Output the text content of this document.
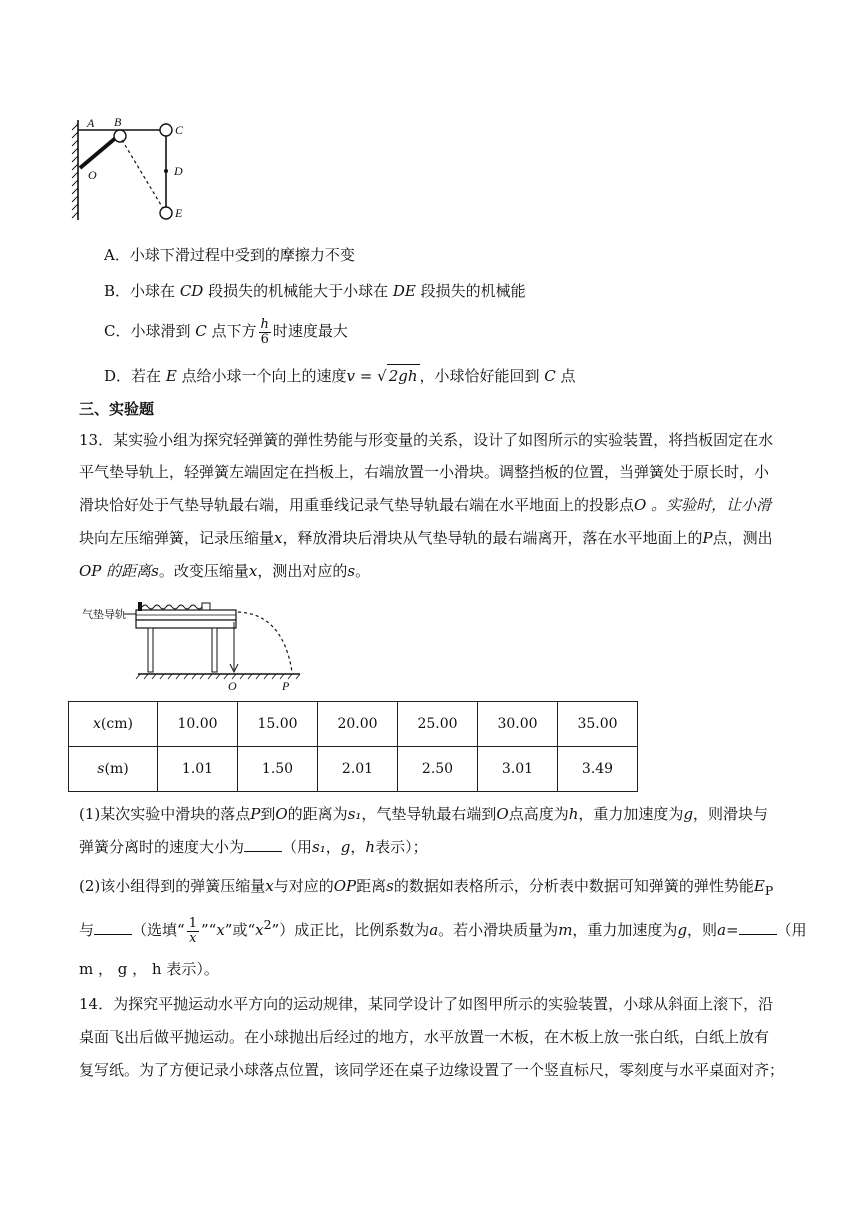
A B
C
D
E
O
A．小球下滑过程中受到的摩擦力不变
B．小球在 CD 段损失的机械能大于小球在 DE 段损失的机械能
C．小球滑到 C 点下方 $\frac{h}{6}$ 时速度最大
D．若在 E 点给小球一个向上的速度v = √ 2gh ，小球恰好能回到 C 点
三、实验题
13．某实验小组为探究轻弹簧的弹性势能与形变量的关系，设计了如图所示的实验装置，将挡板固定在水
平气垫导轨上，轻弹簧左端固定在挡板上，右端放置一小滑块。调整挡板的位置，当弹簧处于原长时，小
滑块恰好处于气垫导轨最右端，用重垂线记录气垫导轨最右端在水平地面上的投影点O 。实验时，让小滑
块向左压缩弹簧，记录压缩量x，释放滑块后滑块从气垫导轨的最右端离开，落在水平地面上的P点，测出
OP 的距离s。改变压缩量x，测出对应的s。
气垫导轨
O	P
x(cm)	10.00	15.00	20.00	25.00	30.00	35.00
s(m)	1.01	1.50	2.01	2.50	3.01	3.49
(1)某次实验中滑块的落点P到O的距离为s₁，气垫导轨最右端到O点高度为h，重力加速度为g，则滑块与
弹簧分离时的速度大小为	（用s₁，g，h表示）；
(2)该小组得到的弹簧压缩量x与对应的OP距离s的数据如表格所示，分析表中数据可知弹簧的弹性势能$E_P$
与	（选填“ $\frac{1}{x}$ ”“x”或“$x^2$”）成正比，比例系数为a。若小滑块质量为m，重力加速度为g，则a=	（用
m ， g ， h 表示）。
14．为探究平抛运动水平方向的运动规律，某同学设计了如图甲所示的实验装置，小球从斜面上滚下，沿
桌面飞出后做平抛运动。在小球抛出后经过的地方，水平放置一木板，在木板上放一张白纸，白纸上放有
复写纸。为了方便记录小球落点位置，该同学还在桌子边缘设置了一个竖直标尺，零刻度与水平桌面对齐；
